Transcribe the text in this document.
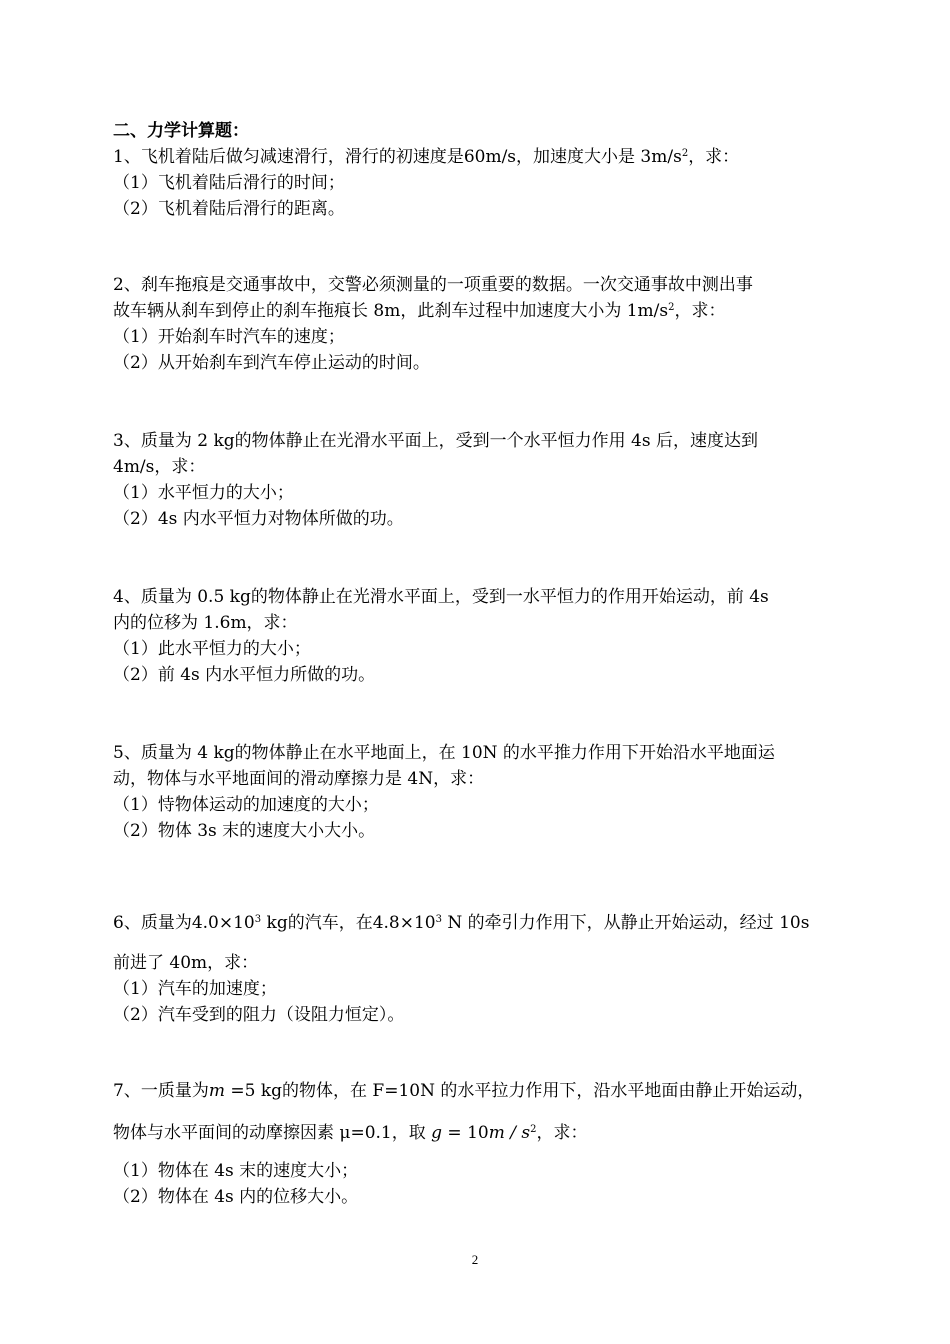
二、力学计算题：
1、飞机着陆后做匀减速滑行，滑行的初速度是60m/s，加速度大小是 $3m/s^2$，求：
（1）飞机着陆后滑行的时间；
（2）飞机着陆后滑行的距离。
2、刹车拖痕是交通事故中，交警必须测量的一项重要的数据。一次交通事故中测出事
故车辆从刹车到停止的刹车拖痕长 8m，此刹车过程中加速度大小为 $1m/s^2$，求：
（1）开始刹车时汽车的速度；
（2）从开始刹车到汽车停止运动的时间。
3、质量为 2 kg的物体静止在光滑水平面上，受到一个水平恒力作用 4s 后，速度达到
4m/s，求：
（1）水平恒力的大小；
（2）4s 内水平恒力对物体所做的功。
4、质量为 0.5 kg的物体静止在光滑水平面上，受到一水平恒力的作用开始运动，前 4s
内的位移为 1.6m，求：
（1）此水平恒力的大小；
（2）前 4s 内水平恒力所做的功。
5、质量为 4 kg的物体静止在水平地面上，在 10N 的水平推力作用下开始沿水平地面运
动，物体与水平地面间的滑动摩擦力是 4N，求：
（1）恃物体运动的加速度的大小；
（2）物体 3s 末的速度大小大小。
6、质量为$4.0\times 10^3$ kg的汽车，在$4.8\times 10^3$ N 的牵引力作用下，从静止开始运动，经过 10s
前进了 40m，求：
（1）汽车的加速度；
（2）汽车受到的阻力（设阻力恒定）。
7、一质量为m =5 kg的物体，在 F=10N 的水平拉力作用下，沿水平地面由静止开始运动，
物体与水平面间的动摩擦因素 μ=0.1，取 $g = 10m / s^2$，求：
（1）物体在 4s 末的速度大小；
（2）物体在 4s 内的位移大小。
2
